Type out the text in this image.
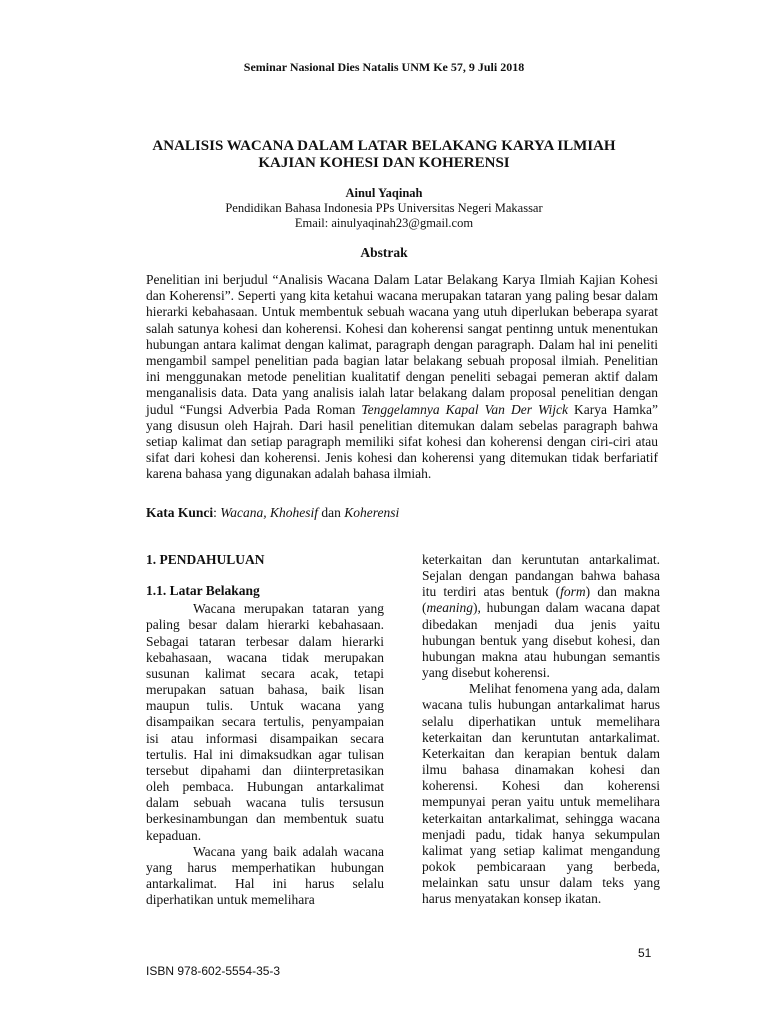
Seminar Nasional Dies Natalis UNM Ke 57, 9 Juli 2018
ANALISIS WACANA DALAM LATAR BELAKANG KARYA ILMIAH
KAJIAN KOHESI DAN KOHERENSI
Ainul Yaqinah
Pendidikan Bahasa Indonesia PPs Universitas Negeri Makassar
Email: ainulyaqinah23@gmail.com
Abstrak
Penelitian ini berjudul “Analisis Wacana Dalam Latar Belakang Karya Ilmiah Kajian Kohesi dan Koherensi”. Seperti yang kita ketahui wacana merupakan tataran yang paling besar dalam hierarki kebahasaan. Untuk membentuk sebuah wacana yang utuh diperlukan beberapa syarat salah satunya kohesi dan koherensi. Kohesi dan koherensi sangat pentinng untuk menentukan hubungan antara kalimat dengan kalimat, paragraph dengan paragraph. Dalam hal ini peneliti mengambil sampel penelitian pada bagian latar belakang sebuah proposal ilmiah. Penelitian ini menggunakan metode penelitian kualitatif dengan peneliti sebagai pemeran aktif dalam menganalisis data. Data yang analisis ialah latar belakang dalam proposal penelitian dengan judul “Fungsi Adverbia Pada Roman Tenggelamnya Kapal Van Der Wijck Karya Hamka” yang disusun oleh Hajrah. Dari hasil penelitian ditemukan dalam sebelas paragraph bahwa setiap kalimat dan setiap paragraph memiliki sifat kohesi dan koherensi dengan ciri-ciri atau sifat dari kohesi dan koherensi. Jenis kohesi dan koherensi yang ditemukan tidak berfariatif karena bahasa yang digunakan adalah bahasa ilmiah.
Kata Kunci: Wacana, Khohesif dan Koherensi
1. PENDAHULUAN
1.1. Latar Belakang

Wacana merupakan tataran yang paling besar dalam hierarki kebahasaan. Sebagai tataran terbesar dalam hierarki kebahasaan, wacana tidak merupakan susunan kalimat secara acak, tetapi merupakan satuan bahasa, baik lisan maupun tulis. Untuk wacana yang disampaikan secara tertulis, penyampaian isi atau informasi disampaikan secara tertulis. Hal ini dimaksudkan agar tulisan tersebut dipahami dan diinterpretasikan oleh pembaca. Hubungan antarkalimat dalam sebuah wacana tulis tersusun berkesinambungan dan membentuk suatu kepaduan.

Wacana yang baik adalah wacana yang harus memperhatikan hubungan antarkalimat. Hal ini harus selalu diperhatikan untuk memelihara

keterkaitan dan keruntutan antarkalimat. Sejalan dengan pandangan bahwa bahasa itu terdiri atas bentuk (form) dan makna (meaning), hubungan dalam wacana dapat dibedakan menjadi dua jenis yaitu hubungan bentuk yang disebut kohesi, dan hubungan makna atau hubungan semantis yang disebut koherensi.

Melihat fenomena yang ada, dalam wacana tulis hubungan antarkalimat harus selalu diperhatikan untuk memelihara keterkaitan dan keruntutan antarkalimat. Keterkaitan dan kerapian bentuk dalam ilmu bahasa dinamakan kohesi dan koherensi. Kohesi dan koherensi mempunyai peran yaitu untuk memelihara keterkaitan antarkalimat, sehingga wacana menjadi padu, tidak hanya sekumpulan kalimat yang setiap kalimat mengandung pokok pembicaraan yang berbeda, melainkan satu unsur dalam teks yang harus menyatakan konsep ikatan.

51
ISBN 978-602-5554-35-3
